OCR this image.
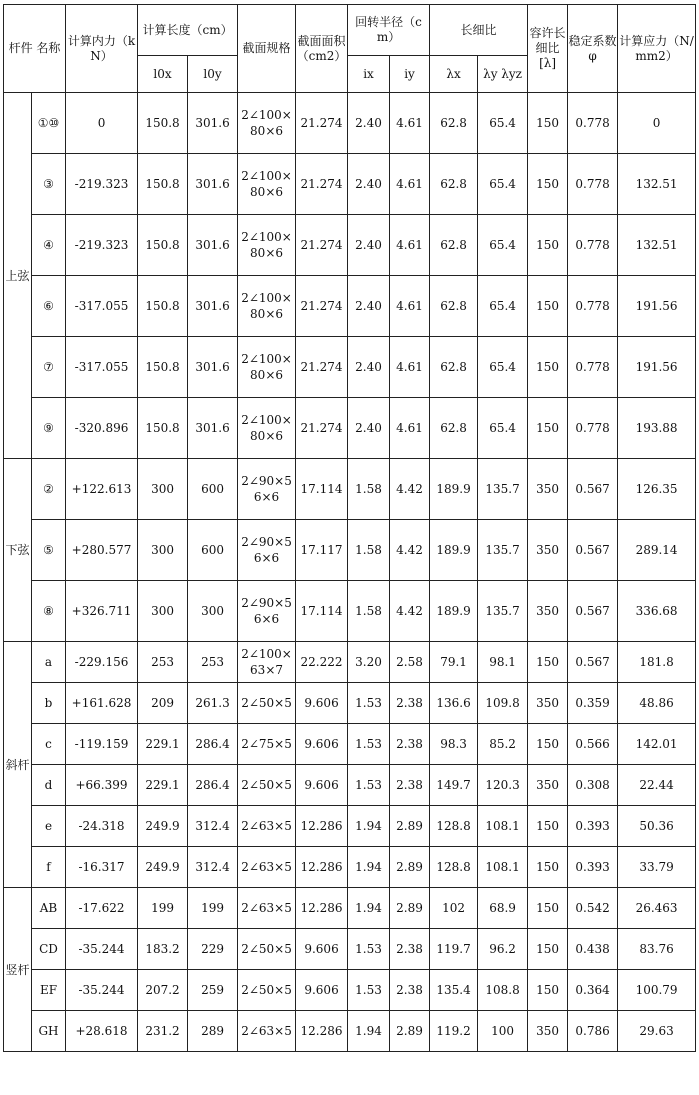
杆件 名称		计算内力（kN）	计算长度（cm）		截面规格	截面面积（cm2）	回转半径（cm）		长细比		容许长细比[λ]	稳定系数φ	计算应力（N/mm2）
			l0x	l0y			ix	iy	λx	λy λyz			
上弦	①⑩	0	150.8	301.6	2∠100×80×6	21.274	2.40	4.61	62.8	65.4	150	0.778	0
	③	-219.323	150.8	301.6	2∠100×80×6	21.274	2.40	4.61	62.8	65.4	150	0.778	132.51
	④	-219.323	150.8	301.6	2∠100×80×6	21.274	2.40	4.61	62.8	65.4	150	0.778	132.51
	⑥	-317.055	150.8	301.6	2∠100×80×6	21.274	2.40	4.61	62.8	65.4	150	0.778	191.56
	⑦	-317.055	150.8	301.6	2∠100×80×6	21.274	2.40	4.61	62.8	65.4	150	0.778	191.56
	⑨	-320.896	150.8	301.6	2∠100×80×6	21.274	2.40	4.61	62.8	65.4	150	0.778	193.88
下弦	②	+122.613	300	600	2∠90×56×6	17.114	1.58	4.42	189.9	135.7	350	0.567	126.35
	⑤	+280.577	300	600	2∠90×56×6	17.117	1.58	4.42	189.9	135.7	350	0.567	289.14
	⑧	+326.711	300	300	2∠90×56×6	17.114	1.58	4.42	189.9	135.7	350	0.567	336.68
斜杆	a	-229.156	253	253	2∠100×63×7	22.222	3.20	2.58	79.1	98.1	150	0.567	181.8
	b	+161.628	209	261.3	2∠50×5	9.606	1.53	2.38	136.6	109.8	350	0.359	48.86
	c	-119.159	229.1	286.4	2∠75×5	9.606	1.53	2.38	98.3	85.2	150	0.566	142.01
	d	+66.399	229.1	286.4	2∠50×5	9.606	1.53	2.38	149.7	120.3	350	0.308	22.44
	e	-24.318	249.9	312.4	2∠63×5	12.286	1.94	2.89	128.8	108.1	150	0.393	50.36
	f	-16.317	249.9	312.4	2∠63×5	12.286	1.94	2.89	128.8	108.1	150	0.393	33.79
竖杆	AB	-17.622	199	199	2∠63×5	12.286	1.94	2.89	102	68.9	150	0.542	26.463
	CD	-35.244	183.2	229	2∠50×5	9.606	1.53	2.38	119.7	96.2	150	0.438	83.76
	EF	-35.244	207.2	259	2∠50×5	9.606	1.53	2.38	135.4	108.8	150	0.364	100.79
	GH	+28.618	231.2	289	2∠63×5	12.286	1.94	2.89	119.2	100	350	0.786	29.63
